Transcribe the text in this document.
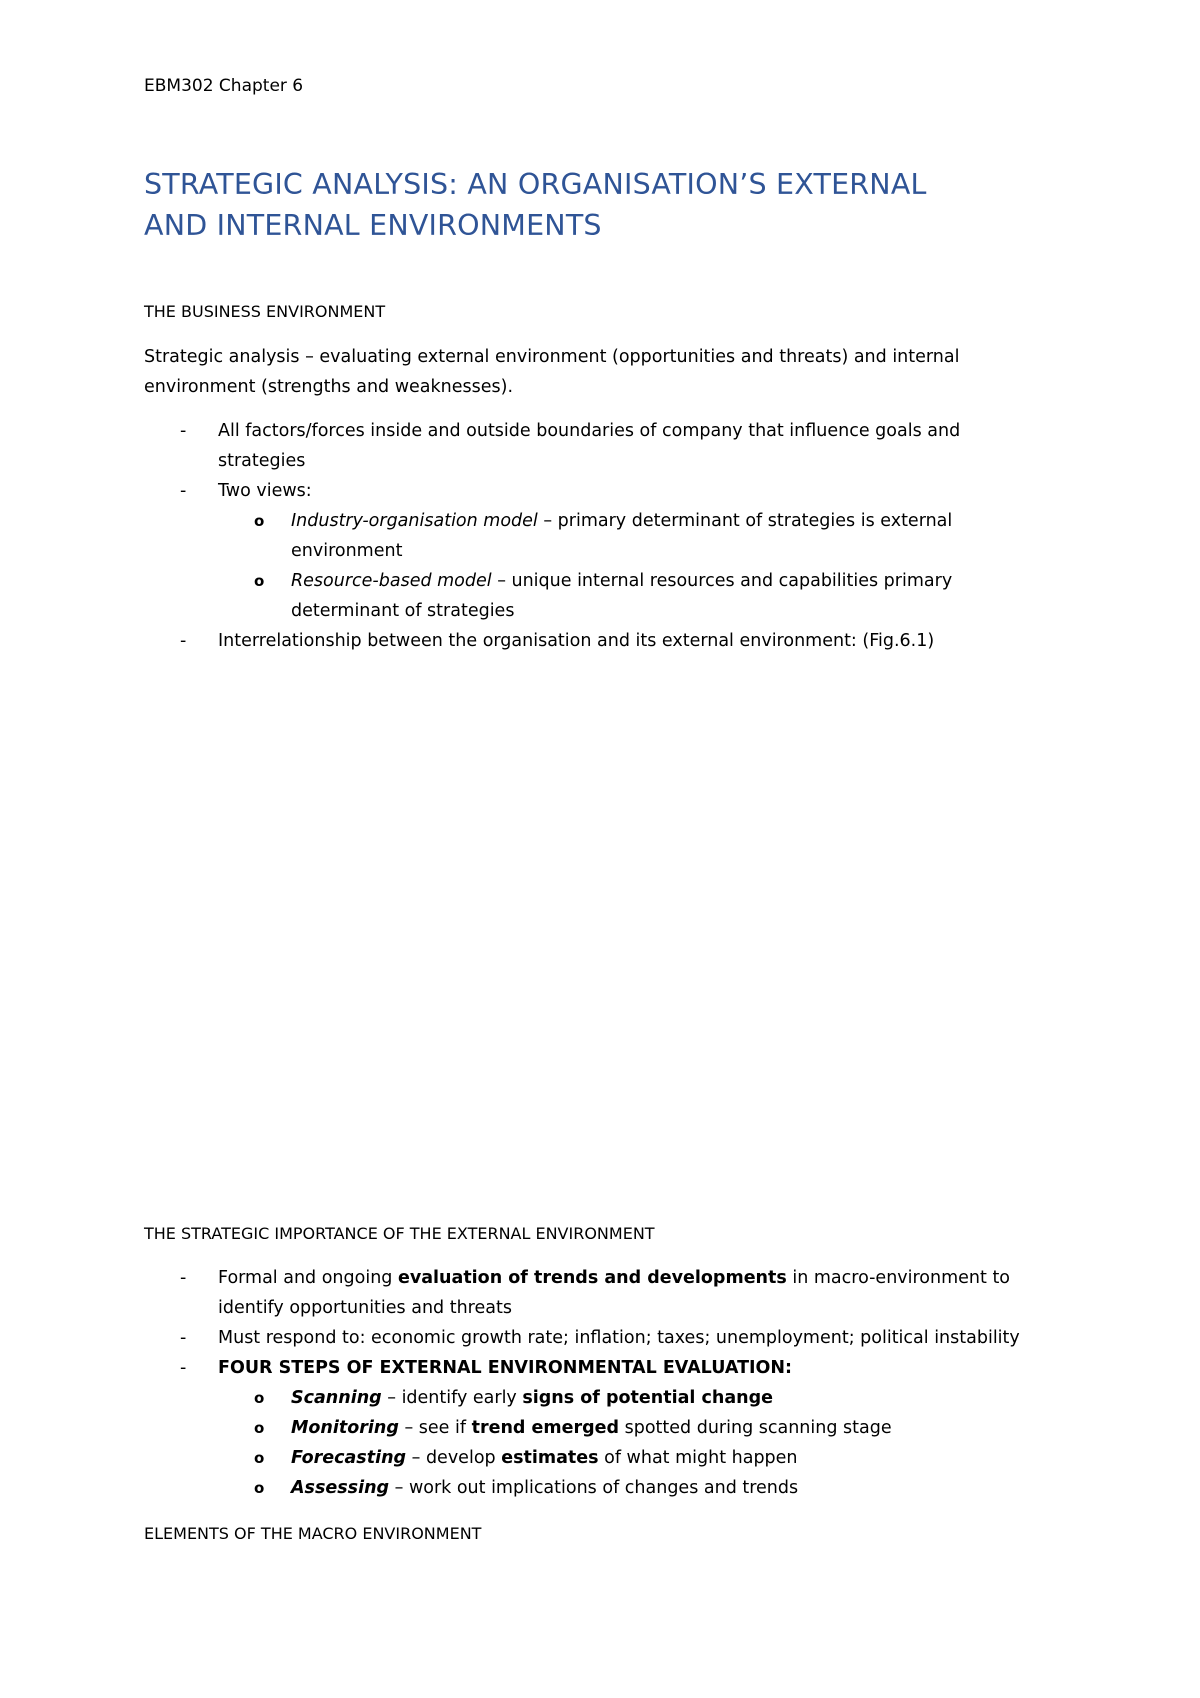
EBM302 Chapter 6
STRATEGIC ANALYSIS: AN ORGANISATION’S EXTERNAL
AND INTERNAL ENVIRONMENTS
THE BUSINESS ENVIRONMENT
Strategic analysis – evaluating external environment (opportunities and threats) and internal
environment (strengths and weaknesses).
- All factors/forces inside and outside boundaries of company that influence goals and
strategies
- Two views:
o Industry-organisation model – primary determinant of strategies is external
environment
o Resource-based model – unique internal resources and capabilities primary
determinant of strategies
- Interrelationship between the organisation and its external environment: (Fig.6.1)
THE STRATEGIC IMPORTANCE OF THE EXTERNAL ENVIRONMENT
- Formal and ongoing evaluation of trends and developments in macro-environment to
identify opportunities and threats
- Must respond to: economic growth rate; inflation; taxes; unemployment; political instability
- FOUR STEPS OF EXTERNAL ENVIRONMENTAL EVALUATION:
o Scanning – identify early signs of potential change
o Monitoring – see if trend emerged spotted during scanning stage
o Forecasting – develop estimates of what might happen
o Assessing – work out implications of changes and trends
ELEMENTS OF THE MACRO ENVIRONMENT
